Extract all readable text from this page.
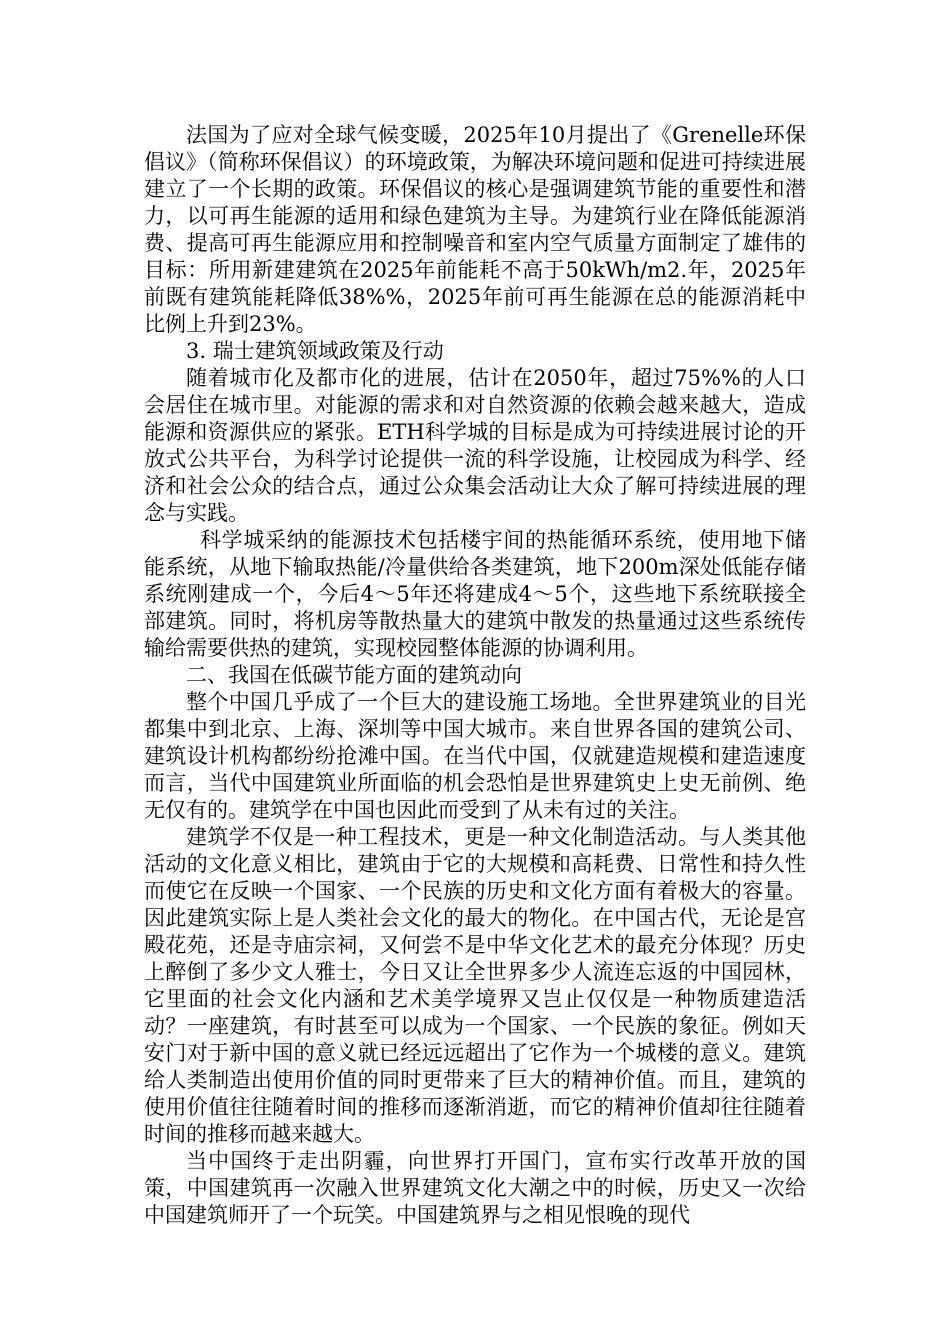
法国为了应对全球气候变暖，2025年10月提出了《Grenelle环保倡议》（简称环保倡议）的环境政策，为解决环境问题和促进可持续进展建立了一个长期的政策。环保倡议的核心是强调建筑节能的重要性和潜力，以可再生能源的适用和绿色建筑为主导。为建筑行业在降低能源消费、提高可再生能源应用和控制噪音和室内空气质量方面制定了雄伟的目标：所用新建建筑在2025年前能耗不高于50kWh/m2.年，2025年前既有建筑能耗降低38%%，2025年前可再生能源在总的能源消耗中比例上升到23%。

3. 瑞士建筑领域政策及行动

随着城市化及都市化的进展，估计在2050年，超过75%%的人口会居住在城市里。对能源的需求和对自然资源的依赖会越来越大，造成能源和资源供应的紧张。ETH科学城的目标是成为可持续进展讨论的开放式公共平台，为科学讨论提供一流的科学设施，让校园成为科学、经济和社会公众的结合点，通过公众集会活动让大众了解可持续进展的理念与实践。

科学城采纳的能源技术包括楼宇间的热能循环系统，使用地下储能系统，从地下输取热能/冷量供给各类建筑，地下200m深处低能存储系统刚建成一个，今后4～5年还将建成4～5个，这些地下系统联接全部建筑。同时，将机房等散热量大的建筑中散发的热量通过这些系统传输给需要供热的建筑，实现校园整体能源的协调利用。

二、我国在低碳节能方面的建筑动向

整个中国几乎成了一个巨大的建设施工场地。全世界建筑业的目光都集中到北京、上海、深圳等中国大城市。来自世界各国的建筑公司、建筑设计机构都纷纷抢滩中国。在当代中国，仅就建造规模和建造速度而言，当代中国建筑业所面临的机会恐怕是世界建筑史上史无前例、绝无仅有的。建筑学在中国也因此而受到了从未有过的关注。

建筑学不仅是一种工程技术，更是一种文化制造活动。与人类其他活动的文化意义相比，建筑由于它的大规模和高耗费、日常性和持久性而使它在反映一个国家、一个民族的历史和文化方面有着极大的容量。因此建筑实际上是人类社会文化的最大的物化。在中国古代，无论是宫殿花苑，还是寺庙宗祠，又何尝不是中华文化艺术的最充分体现？历史上醉倒了多少文人雅士，今日又让全世界多少人流连忘返的中国园林，它里面的社会文化内涵和艺术美学境界又岂止仅仅是一种物质建造活动？一座建筑，有时甚至可以成为一个国家、一个民族的象征。例如天安门对于新中国的意义就已经远远超出了它作为一个城楼的意义。建筑给人类制造出使用价值的同时更带来了巨大的精神价值。而且，建筑的使用价值往往随着时间的推移而逐渐消逝，而它的精神价值却往往随着时间的推移而越来越大。

当中国终于走出阴霾，向世界打开国门，宣布实行改革开放的国策，中国建筑再一次融入世界建筑文化大潮之中的时候，历史又一次给中国建筑师开了一个玩笑。中国建筑界与之相见恨晚的现代
